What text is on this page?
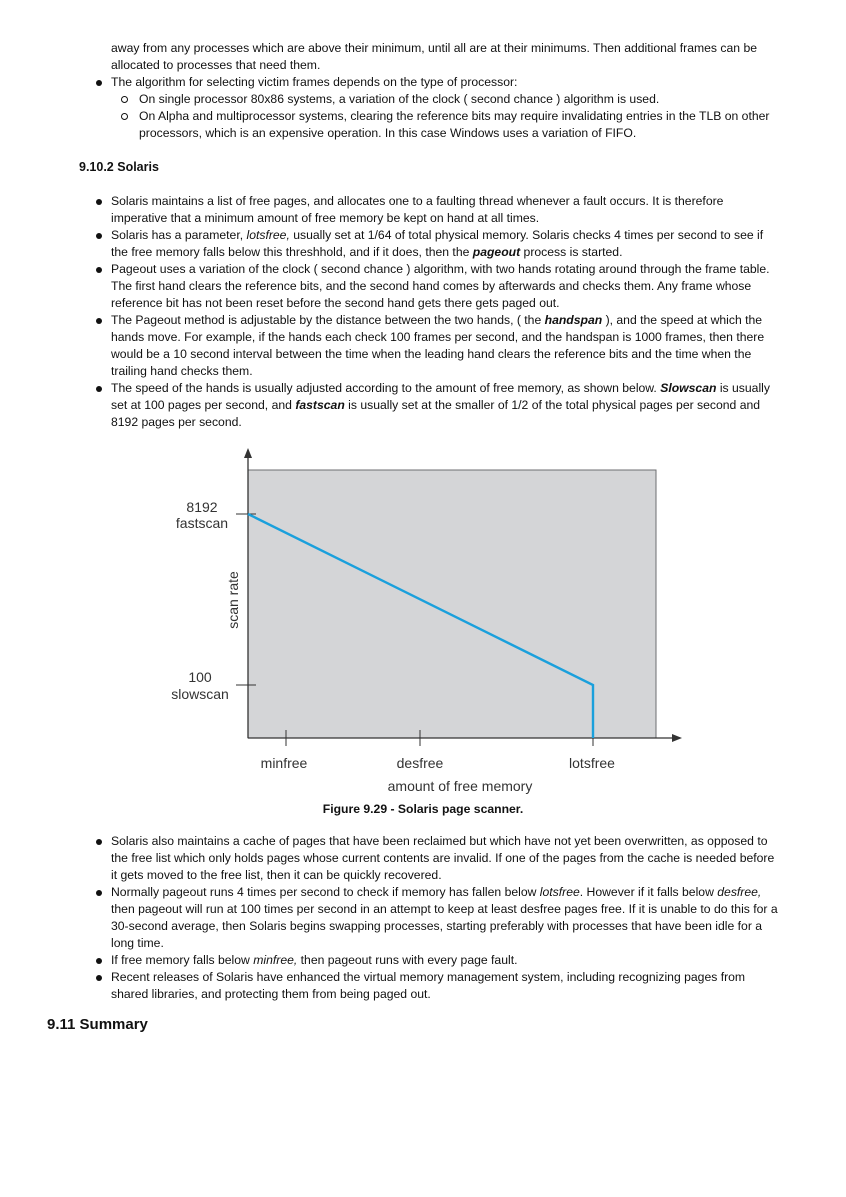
away from any processes which are above their minimum, until all are at their minimums. Then additional frames can be allocated to processes that need them.

The algorithm for selecting victim frames depends on the type of processor:
On single processor 80x86 systems, a variation of the clock ( second chance ) algorithm is used.
On Alpha and multiprocessor systems, clearing the reference bits may require invalidating entries in the TLB on other processors, which is an expensive operation. In this case Windows uses a variation of FIFO.
9.10.2 Solaris
Solaris maintains a list of free pages, and allocates one to a faulting thread whenever a fault occurs. It is therefore imperative that a minimum amount of free memory be kept on hand at all times.
Solaris has a parameter, lotsfree, usually set at 1/64 of total physical memory. Solaris checks 4 times per second to see if the free memory falls below this threshhold, and if it does, then the pageout process is started.
Pageout uses a variation of the clock ( second chance ) algorithm, with two hands rotating around through the frame table. The first hand clears the reference bits, and the second hand comes by afterwards and checks them. Any frame whose reference bit has not been reset before the second hand gets there gets paged out.
The Pageout method is adjustable by the distance between the two hands, ( the handspan ), and the speed at which the hands move. For example, if the hands each check 100 frames per second, and the handspan is 1000 frames, then there would be a 10 second interval between the time when the leading hand clears the reference bits and the time when the trailing hand checks them.
The speed of the hands is usually adjusted according to the amount of free memory, as shown below. Slowscan is usually set at 100 pages per second, and fastscan is usually set at the smaller of 1/2 of the total physical pages per second and 8192 pages per second.
8192
fastscan
100
slowscan
scan rate
minfree	desfree	lotsfree
amount of free memory

Figure 9.29 - Solaris page scanner.

Solaris also maintains a cache of pages that have been reclaimed but which have not yet been overwritten, as opposed to the free list which only holds pages whose current contents are invalid. If one of the pages from the cache is needed before it gets moved to the free list, then it can be quickly recovered.
Normally pageout runs 4 times per second to check if memory has fallen below lotsfree. However if it falls below desfree, then pageout will run at 100 times per second in an attempt to keep at least desfree pages free. If it is unable to do this for a 30-second average, then Solaris begins swapping processes, starting preferably with processes that have been idle for a long time.
If free memory falls below minfree, then pageout runs with every page fault.
Recent releases of Solaris have enhanced the virtual memory management system, including recognizing pages from shared libraries, and protecting them from being paged out.
9.11 Summary
